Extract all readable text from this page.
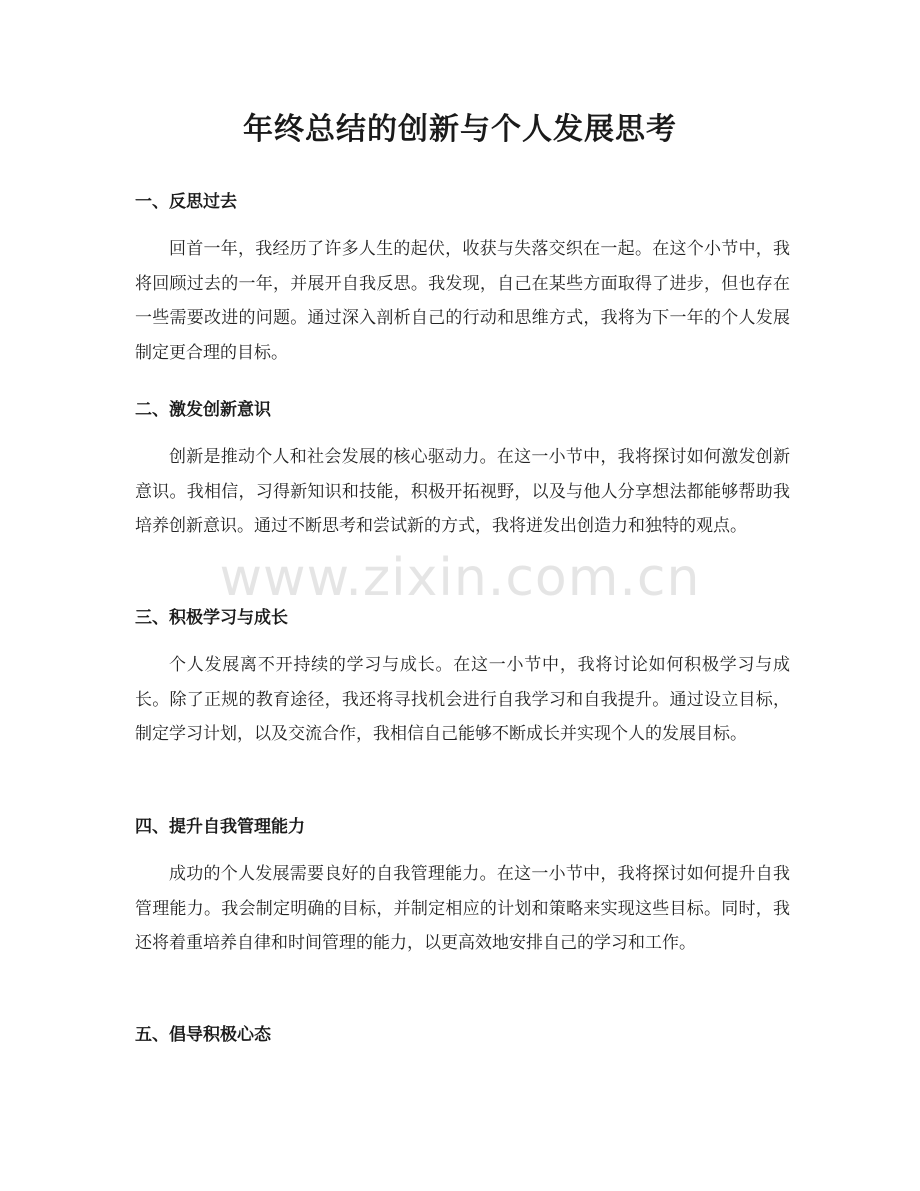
年终总结的创新与个人发展思考
一、反思过去

回首一年，我经历了许多人生的起伏，收获与失落交织在一起。在这个小节中，我将回顾过去的一年，并展开自我反思。我发现，自己在某些方面取得了进步，但也存在一些需要改进的问题。通过深入剖析自己的行动和思维方式，我将为下一年的个人发展制定更合理的目标。

二、激发创新意识

创新是推动个人和社会发展的核心驱动力。在这一小节中，我将探讨如何激发创新意识。我相信，习得新知识和技能，积极开拓视野，以及与他人分享想法都能够帮助我培养创新意识。通过不断思考和尝试新的方式，我将迸发出创造力和独特的观点。

三、积极学习与成长

个人发展离不开持续的学习与成长。在这一小节中，我将讨论如何积极学习与成长。除了正规的教育途径，我还将寻找机会进行自我学习和自我提升。通过设立目标，制定学习计划，以及交流合作，我相信自己能够不断成长并实现个人的发展目标。

四、提升自我管理能力

成功的个人发展需要良好的自我管理能力。在这一小节中，我将探讨如何提升自我管理能力。我会制定明确的目标，并制定相应的计划和策略来实现这些目标。同时，我还将着重培养自律和时间管理的能力，以更高效地安排自己的学习和工作。

五、倡导积极心态
www.zixin.com.cn
